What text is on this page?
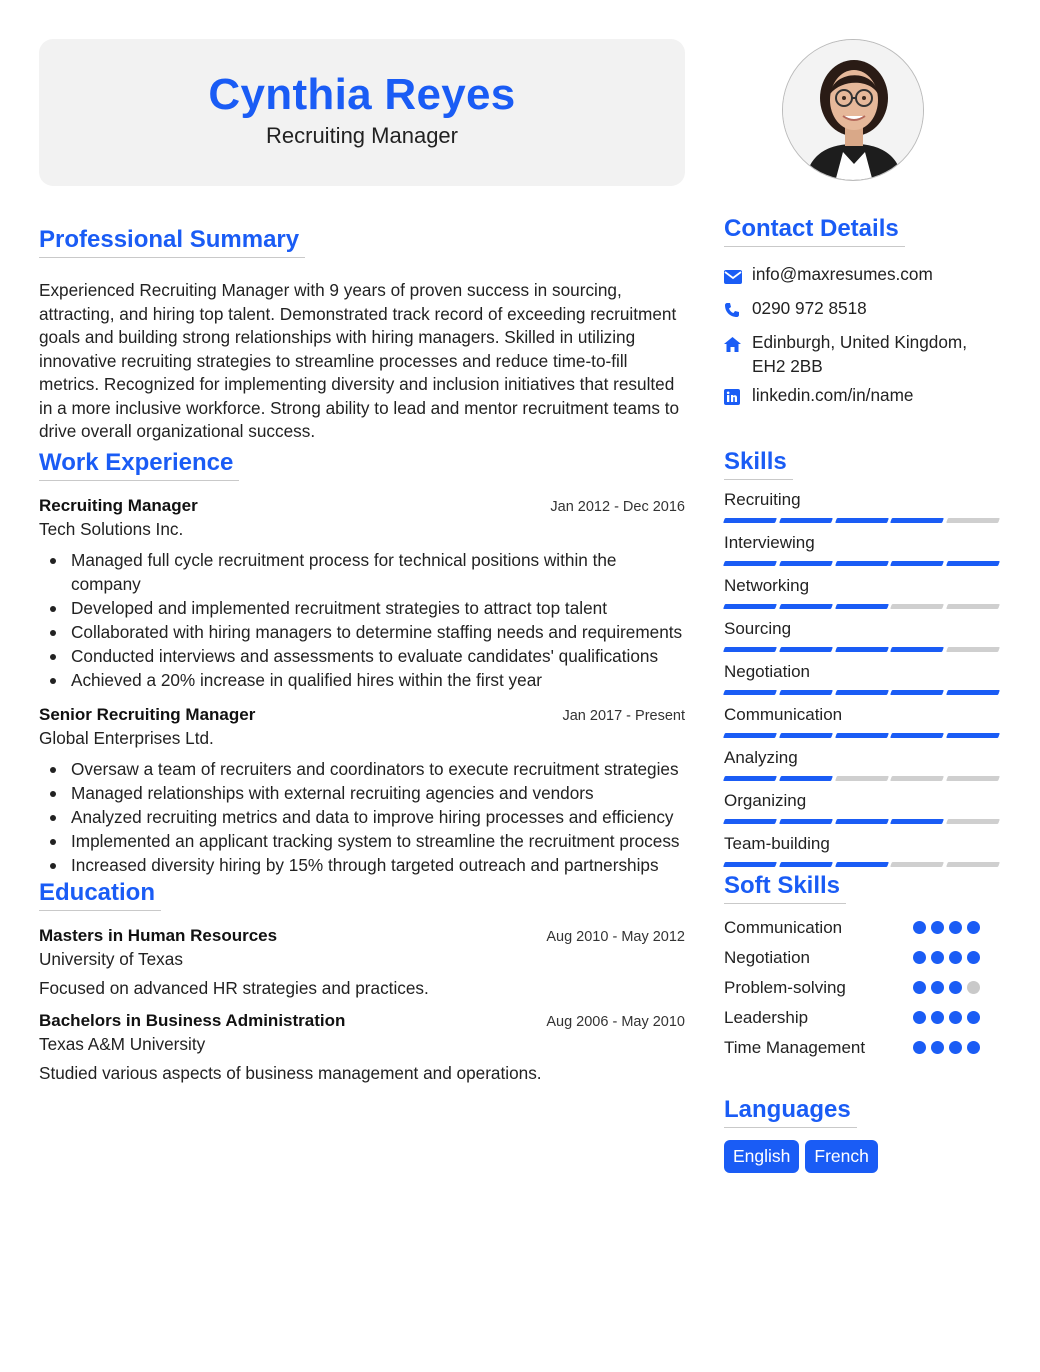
Cynthia Reyes
Recruiting Manager
Professional Summary

Experienced Recruiting Manager with 9 years of proven success in sourcing, attracting, and hiring top talent. Demonstrated track record of exceeding recruitment goals and building strong relationships with hiring managers. Skilled in utilizing innovative recruiting strategies to streamline processes and reduce time-to-fill metrics. Recognized for implementing diversity and inclusion initiatives that resulted in a more inclusive workforce. Strong ability to lead and mentor recruitment teams to drive overall organizational success.

Work Experience
Recruiting Manager	Jan 2012 - Dec 2016
Tech Solutions Inc.
Managed full cycle recruitment process for technical positions within the company
Developed and implemented recruitment strategies to attract top talent
Collaborated with hiring managers to determine staffing needs and requirements
Conducted interviews and assessments to evaluate candidates' qualifications
Achieved a 20% increase in qualified hires within the first year
Senior Recruiting Manager	Jan 2017 - Present
Global Enterprises Ltd.
Oversaw a team of recruiters and coordinators to execute recruitment strategies
Managed relationships with external recruiting agencies and vendors
Analyzed recruiting metrics and data to improve hiring processes and efficiency
Implemented an applicant tracking system to streamline the recruitment process
Increased diversity hiring by 15% through targeted outreach and partnerships
Education
Masters in Human Resources	Aug 2010 - May 2012
University of Texas
Focused on advanced HR strategies and practices.
Bachelors in Business Administration	Aug 2006 - May 2010
Texas A&M University
Studied various aspects of business management and operations.
Contact Details
info@maxresumes.com
0290 972 8518
Edinburgh, United Kingdom,
EH2 2BB
linkedin.com/in/name
Skills
Recruiting
Interviewing
Networking
Sourcing
Negotiation
Communication
Analyzing
Organizing
Team-building
Soft Skills
Communication
Negotiation
Problem-solving
Leadership
Time Management
Languages
English	French
